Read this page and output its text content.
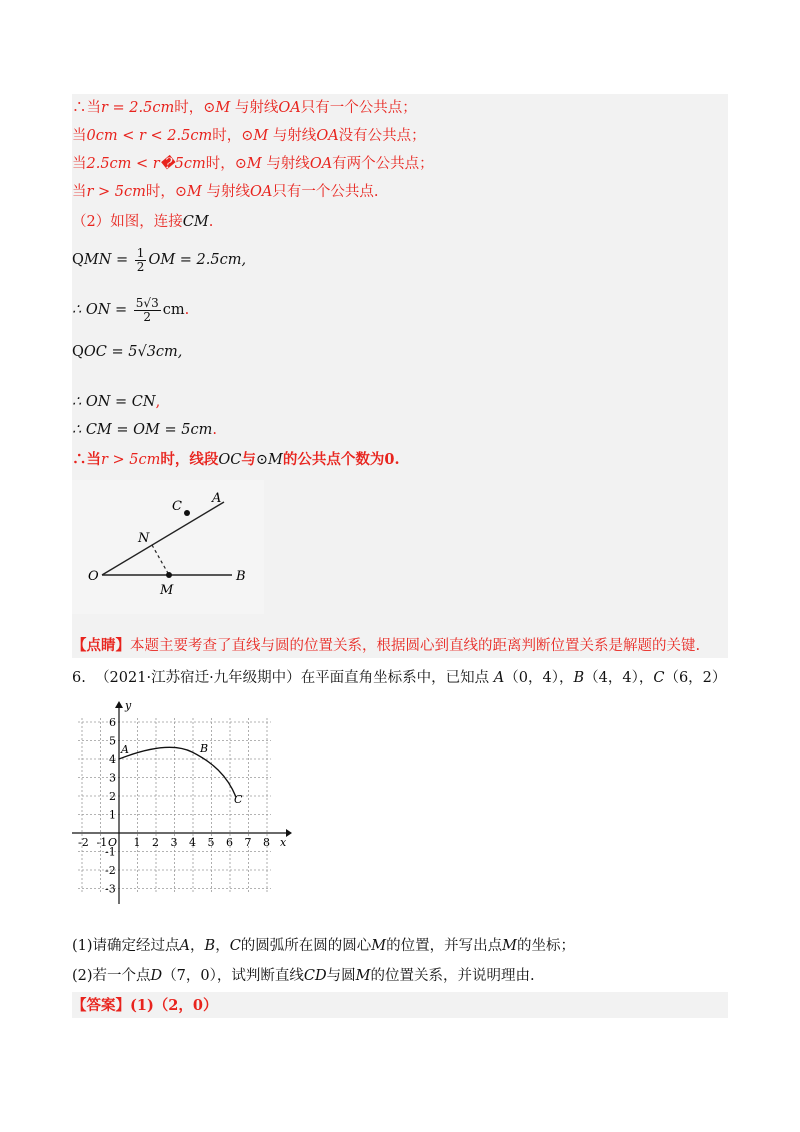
∴当r = 2.5cm时，⊙M 与射线OA只有一个公共点；
当0cm < r < 2.5cm时，⊙M 与射线OA没有公共点；
当2.5cm < r�5cm时，⊙M 与射线OA有两个公共点；
当r > 5cm时，⊙M 与射线OA只有一个公共点.
（2）如图，连接CM.
QMN = $\frac{1}{2}$ OM = 2.5cm,
∴ ON = $\frac{5√3}{2}$ cm.
QOC = 5√3cm,
∴ ON = CN,
∴ CM = OM = 5cm.
∴当r > 5cm时，线段OC与⊙M的公共点个数为0.
O
N
C
A
M
B
【点睛】本题主要考查了直线与圆的位置关系，根据圆心到直线的距离判断位置关系是解题的关键.
6. （2021·江苏宿迁·九年级期中）在平面直角坐标系中，已知点 A（0，4），B（4，4），C（6，2）
-2 -1 1 2 3 4 5 6 7 8
6
5
4
3
2
1
-1
-2
-3
O	x
y
A	B
C
(1)请确定经过点A，B，C的圆弧所在圆的圆心M的位置，并写出点M的坐标；
(2)若一个点D（7，0），试判断直线CD与圆M的位置关系，并说明理由.
【答案】(1)（2，0）
